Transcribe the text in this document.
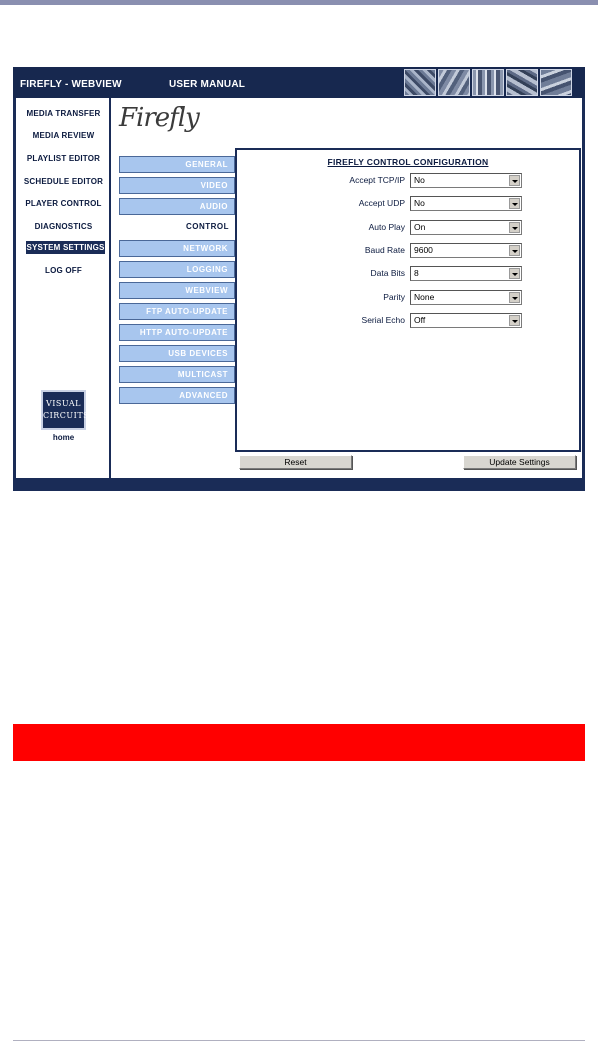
FIREFLY - WEBVIEW	USER MANUAL
MEDIA TRANSFER
MEDIA REVIEW
PLAYLIST EDITOR
SCHEDULE EDITOR
PLAYER CONTROL
DIAGNOSTICS
SYSTEM SETTINGS
LOG OFF
VISUAL
CIRCUITS
home
Firefly
GENERAL
VIDEO
AUDIO
CONTROL
NETWORK
LOGGING
WEBVIEW
FTP AUTO-UPDATE
HTTP AUTO-UPDATE
USB DEVICES
MULTICAST
ADVANCED
FIREFLY CONTROL CONFIGURATION
Accept TCP/IP	No
Accept UDP	No
Auto Play	On
Baud Rate	9600
Data Bits	8
Parity	None
Serial Echo	Off
Reset	Update Settings
